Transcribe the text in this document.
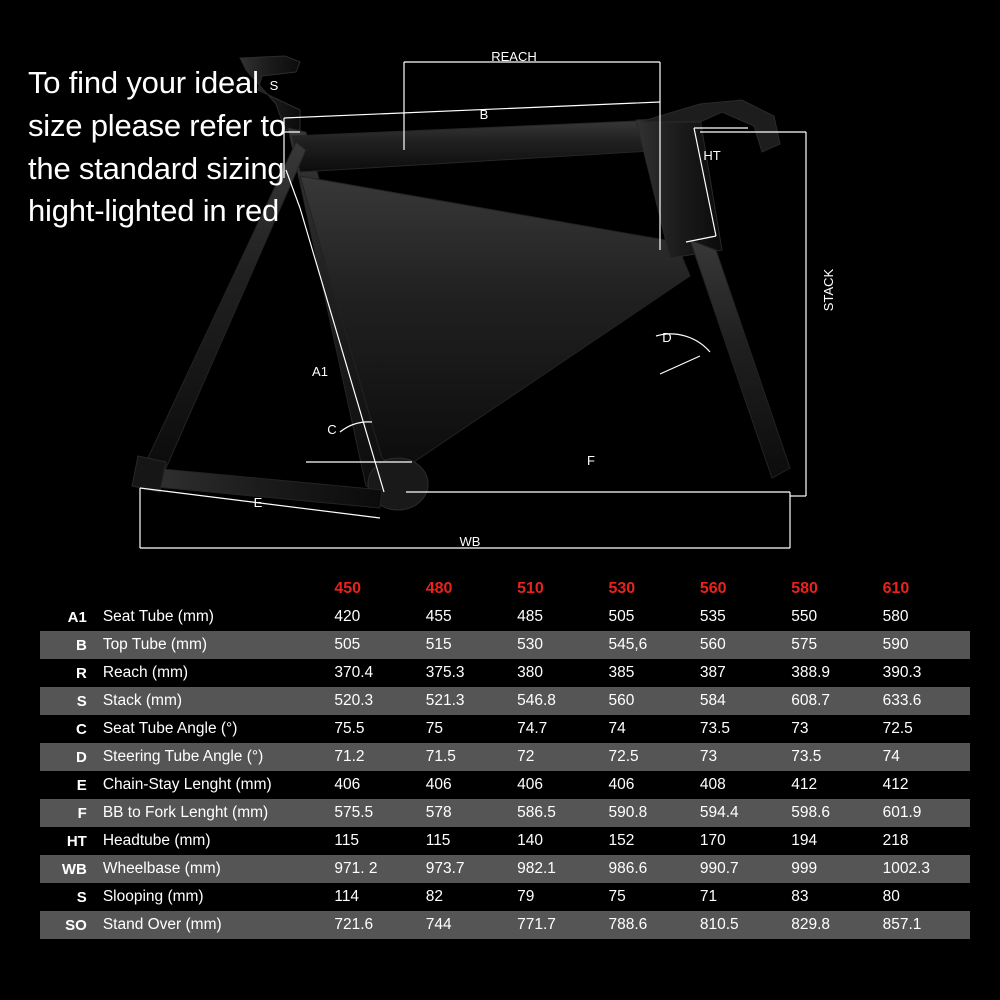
REACH
B
S
HT
A1
C
D
E
F
WB
STACK
To find your ideal size please refer to the standard sizing hight-lighted in red
		450	480	510	530	560	580	610
A1	Seat Tube (mm)	420	455	485	505	535	550	580
B	Top Tube (mm)	505	515	530	545,6	560	575	590
R	Reach (mm)	370.4	375.3	380	385	387	388.9	390.3
S	Stack (mm)	520.3	521.3	546.8	560	584	608.7	633.6
C	Seat Tube Angle (°)	75.5	75	74.7	74	73.5	73	72.5
D	Steering Tube Angle (°)	71.2	71.5	72	72.5	73	73.5	74
E	Chain-Stay Lenght (mm)	406	406	406	406	408	412	412
F	BB to Fork Lenght (mm)	575.5	578	586.5	590.8	594.4	598.6	601.9
HT	Headtube (mm)	115	115	140	152	170	194	218
WB	Wheelbase (mm)	971. 2	973.7	982.1	986.6	990.7	999	1002.3
S	Slooping (mm)	114	82	79	75	71	83	80
SO	Stand Over (mm)	721.6	744	771.7	788.6	810.5	829.8	857.1
